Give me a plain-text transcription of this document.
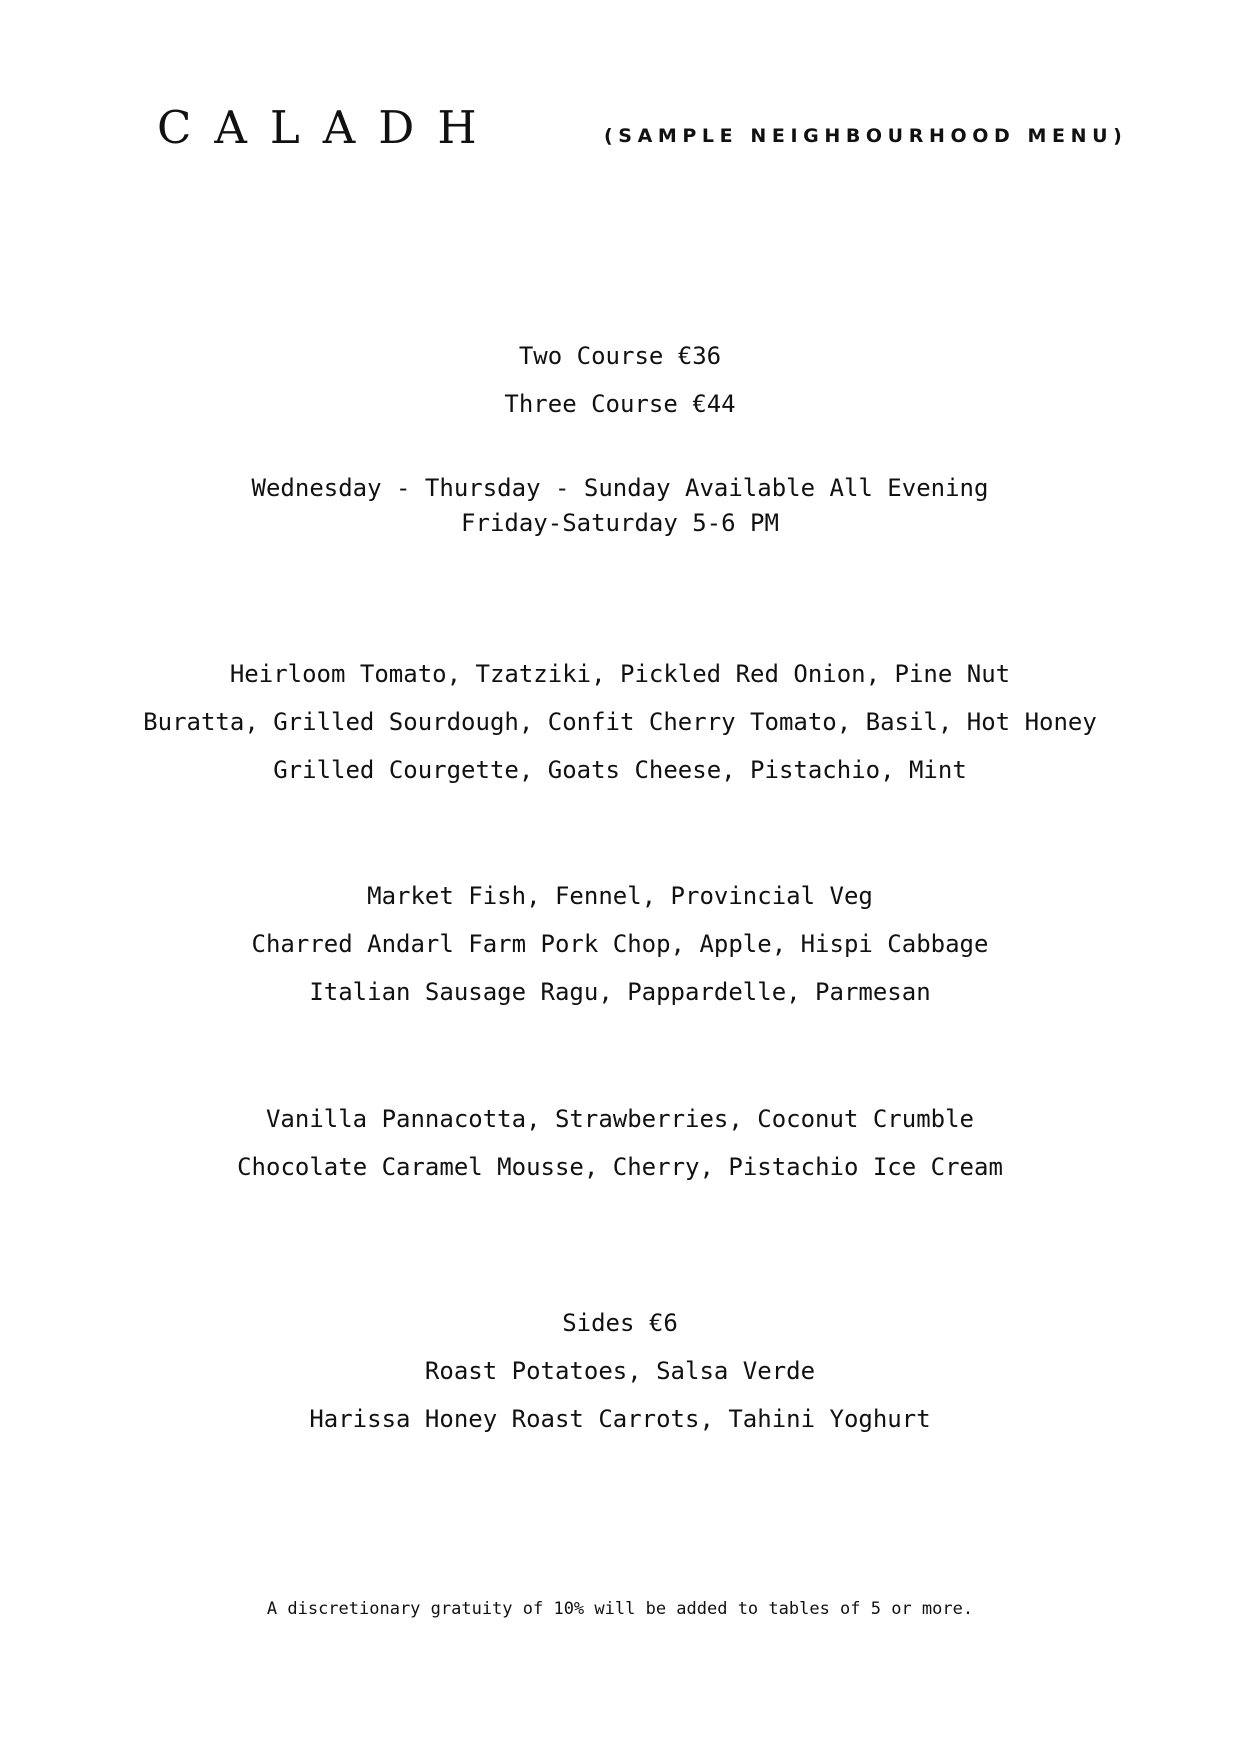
CALADH	(SAMPLE NEIGHBOURHOOD MENU)
Two Course €36
Three Course €44
Wednesday - Thursday - Sunday Available All Evening
Friday-Saturday 5-6 PM
Heirloom Tomato, Tzatziki, Pickled Red Onion, Pine Nut
Buratta, Grilled Sourdough, Confit Cherry Tomato, Basil, Hot Honey
Grilled Courgette, Goats Cheese, Pistachio, Mint
Market Fish, Fennel, Provincial Veg
Charred Andarl Farm Pork Chop, Apple, Hispi Cabbage
Italian Sausage Ragu, Pappardelle, Parmesan
Vanilla Pannacotta, Strawberries, Coconut Crumble
Chocolate Caramel Mousse, Cherry, Pistachio Ice Cream
Sides €6
Roast Potatoes, Salsa Verde
Harissa Honey Roast Carrots, Tahini Yoghurt
A discretionary gratuity of 10% will be added to tables of 5 or more.
